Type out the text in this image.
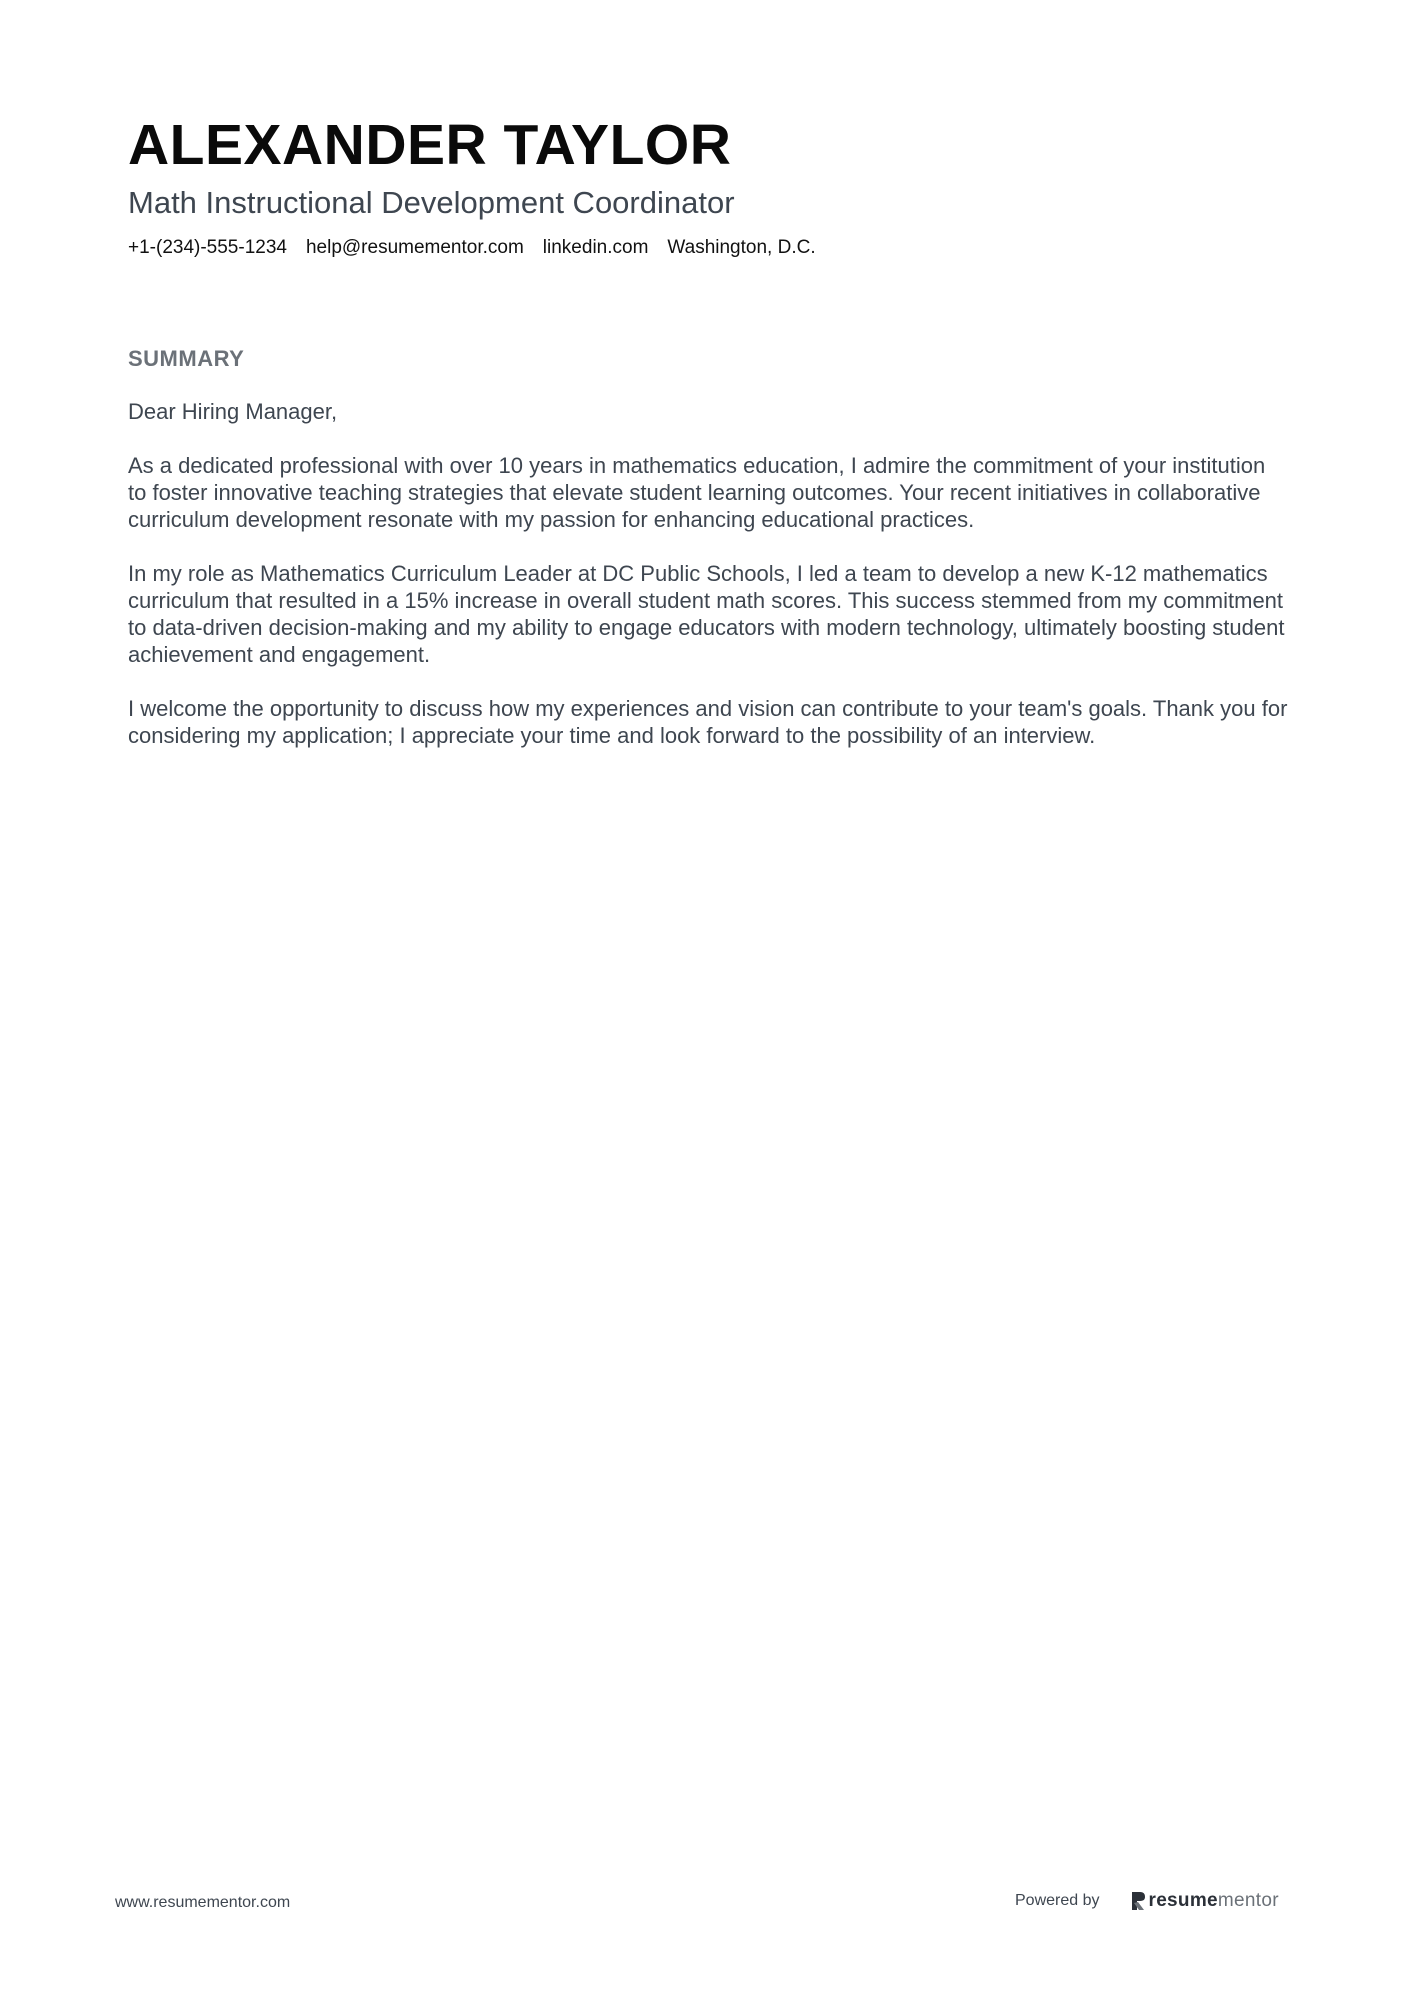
ALEXANDER TAYLOR
Math Instructional Development Coordinator
+1-(234)-555-1234 help@resumementor.com linkedin.com Washington, D.C.
SUMMARY

Dear Hiring Manager,

As a dedicated professional with over 10 years in mathematics education, I admire the commitment of your institution to foster innovative teaching strategies that elevate student learning outcomes. Your recent initiatives in collaborative curriculum development resonate with my passion for enhancing educational practices.

In my role as Mathematics Curriculum Leader at DC Public Schools, I led a team to develop a new K-12 mathematics curriculum that resulted in a 15% increase in overall student math scores. This success stemmed from my commitment to data-driven decision-making and my ability to engage educators with modern technology, ultimately boosting student achievement and engagement.

I welcome the opportunity to discuss how my experiences and vision can contribute to your team's goals. Thank you for considering my application; I appreciate your time and look forward to the possibility of an interview.

www.resumementor.com	Powered by	resume mentor
